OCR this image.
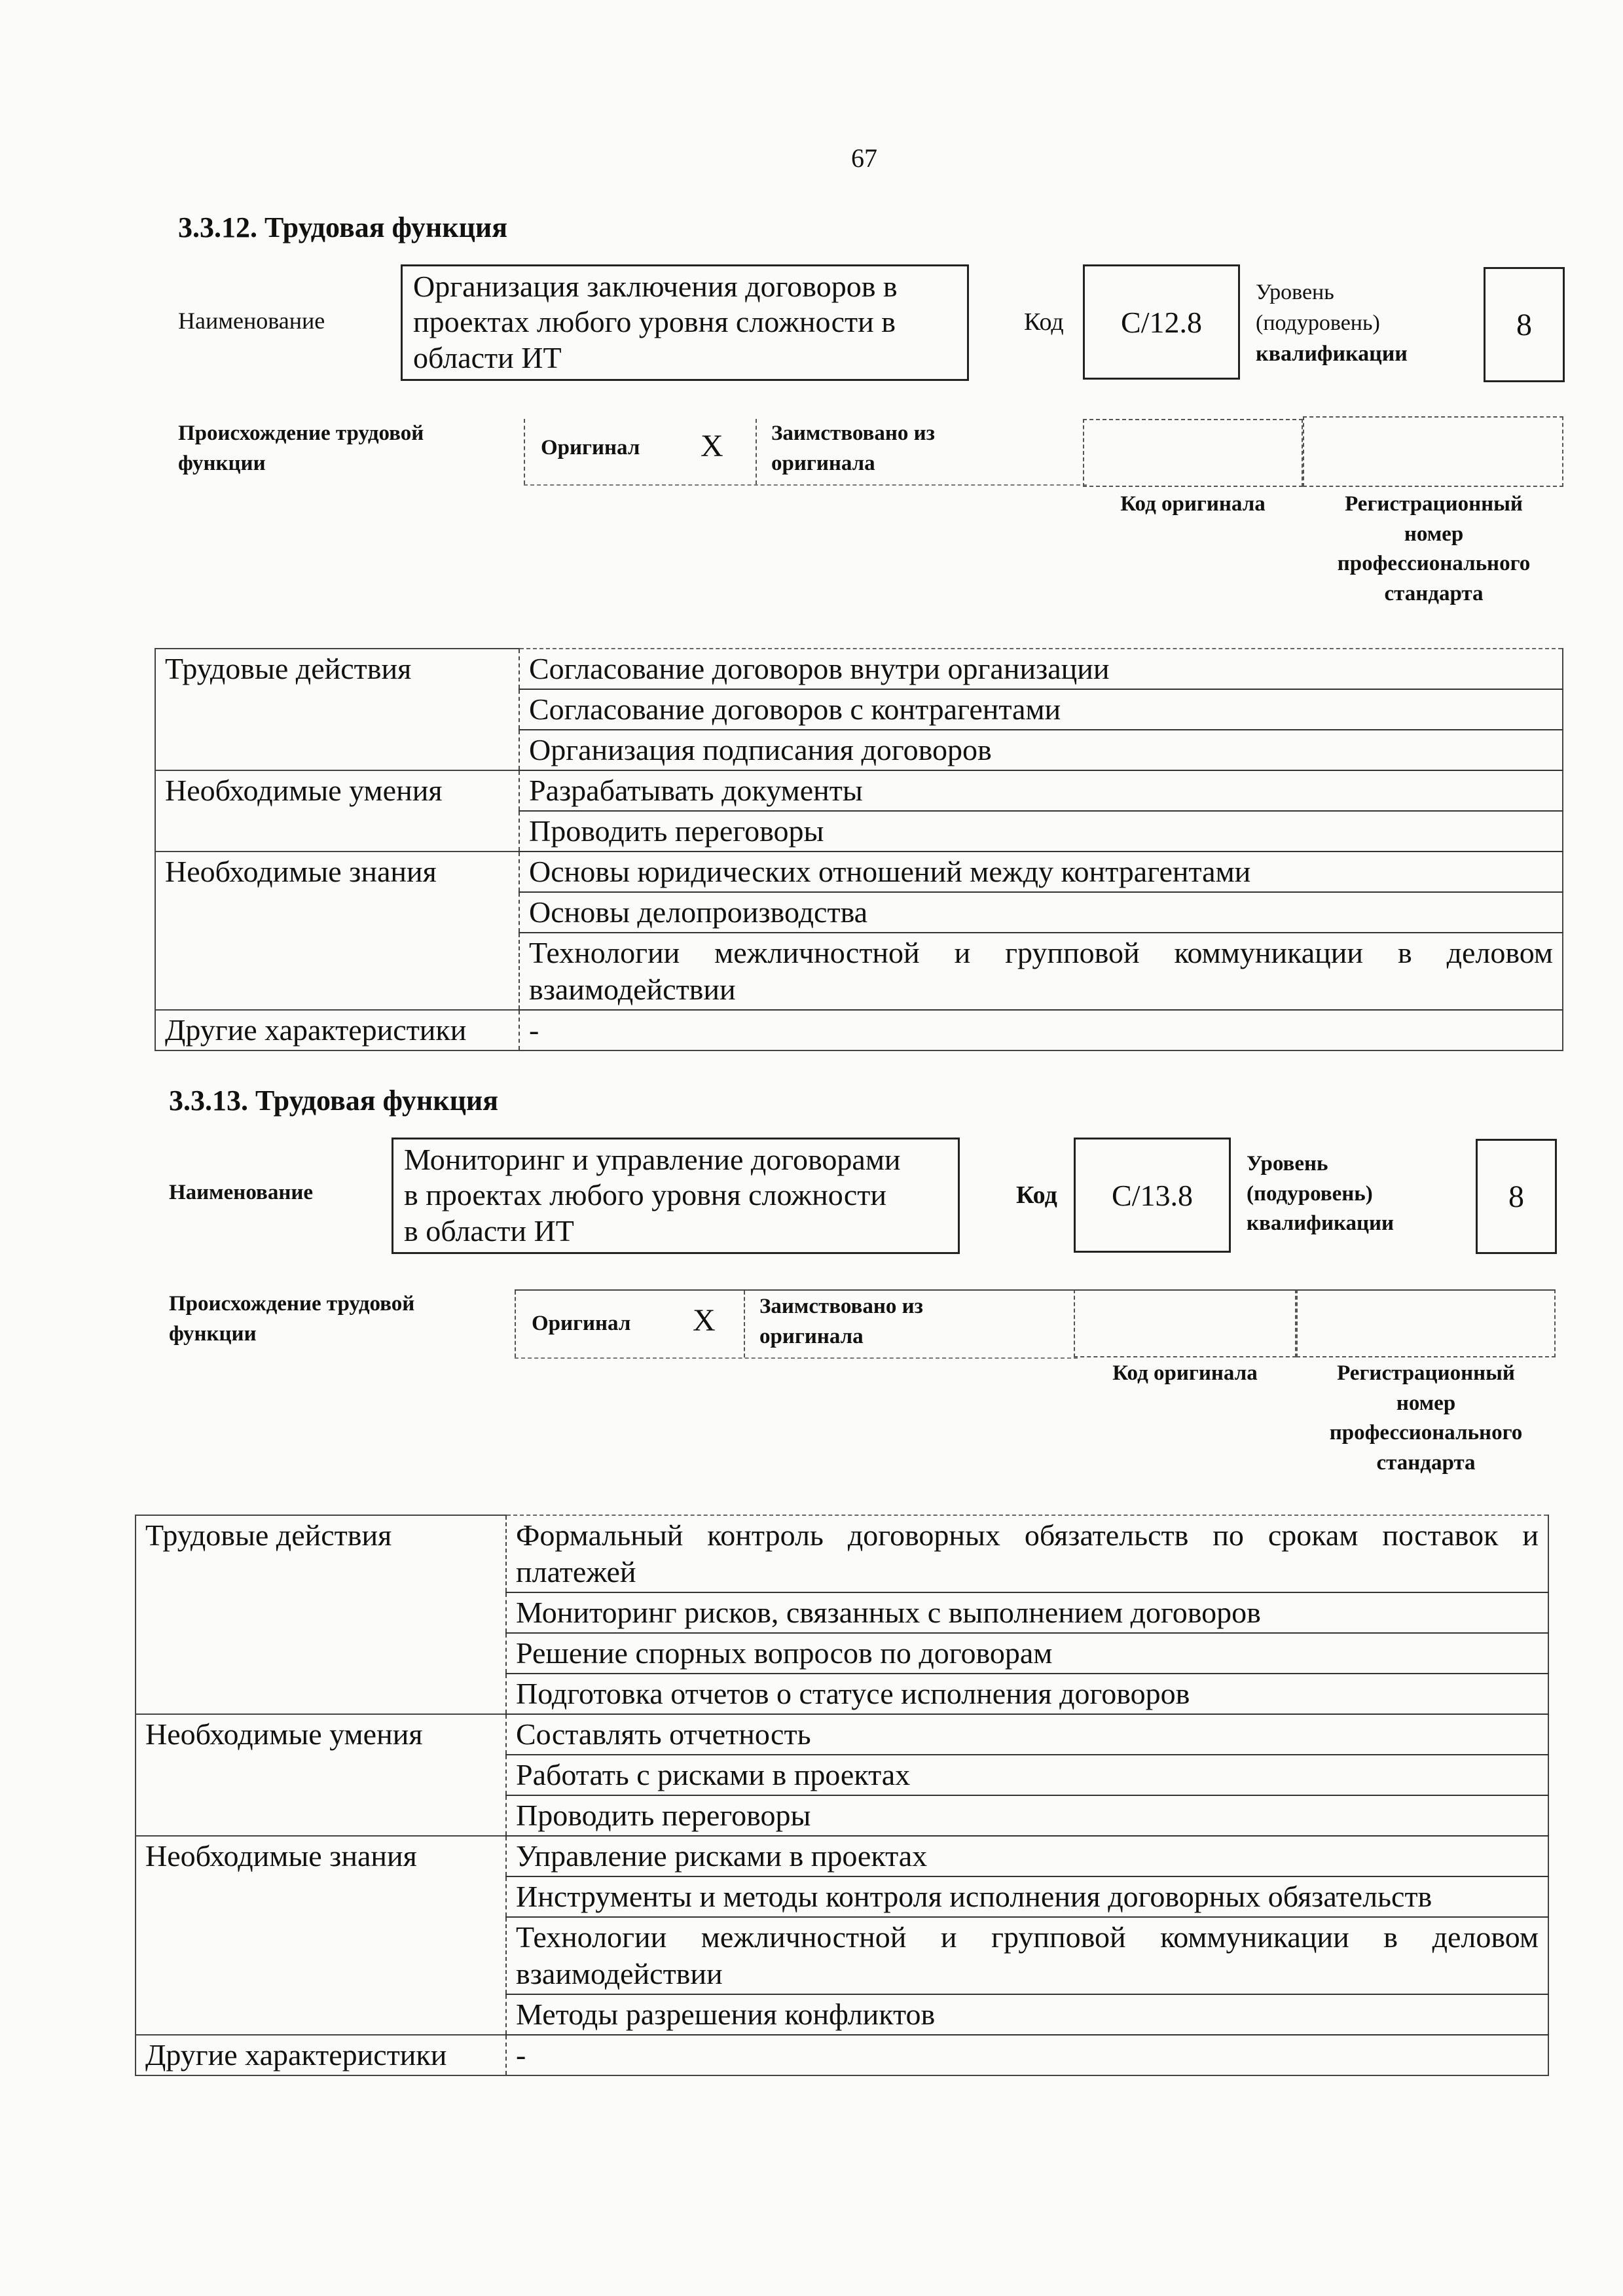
67
3.3.12. Трудовая функция
Наименование
Организация заключения договоров в
проектах любого уровня сложности в
области ИТ
Код	C/12.8
Уровень
(подуровень)
квалификации
8
Происхождение трудовой
функции
Оригинал X Заимствовано из
оригинала
Код оригинала	Регистрационный
номер
профессионального
стандарта
Трудовые действия	Согласование договоров внутри организации
	Согласование договоров с контрагентами
	Организация подписания договоров
Необходимые умения	Разрабатывать документы
	Проводить переговоры
Необходимые знания	Основы юридических отношений между контрагентами
	Основы делопроизводства
	Технологии межличностной и групповой коммуникации в деловом взаимодействии
Другие характеристики	-
3.3.13. Трудовая функция
Наименование
Мониторинг и управление договорами
в проектах любого уровня сложности
в области ИТ
Код	C/13.8
Уровень
(подуровень)
квалификации
8
Происхождение трудовой
функции	Оригинал X Заимствовано из
оригинала
Код оригинала	Регистрационный
номер
профессионального
стандарта
Трудовые действия	Формальный контроль договорных обязательств по срокам поставок и платежей
	Мониторинг рисков, связанных с выполнением договоров
	Решение спорных вопросов по договорам
	Подготовка отчетов о статусе исполнения договоров
Необходимые умения	Составлять отчетность
	Работать с рисками в проектах
	Проводить переговоры
Необходимые знания	Управление рисками в проектах
	Инструменты и методы контроля исполнения договорных обязательств
	Технологии межличностной и групповой коммуникации в деловом взаимодействии
	Методы разрешения конфликтов
Другие характеристики	-
